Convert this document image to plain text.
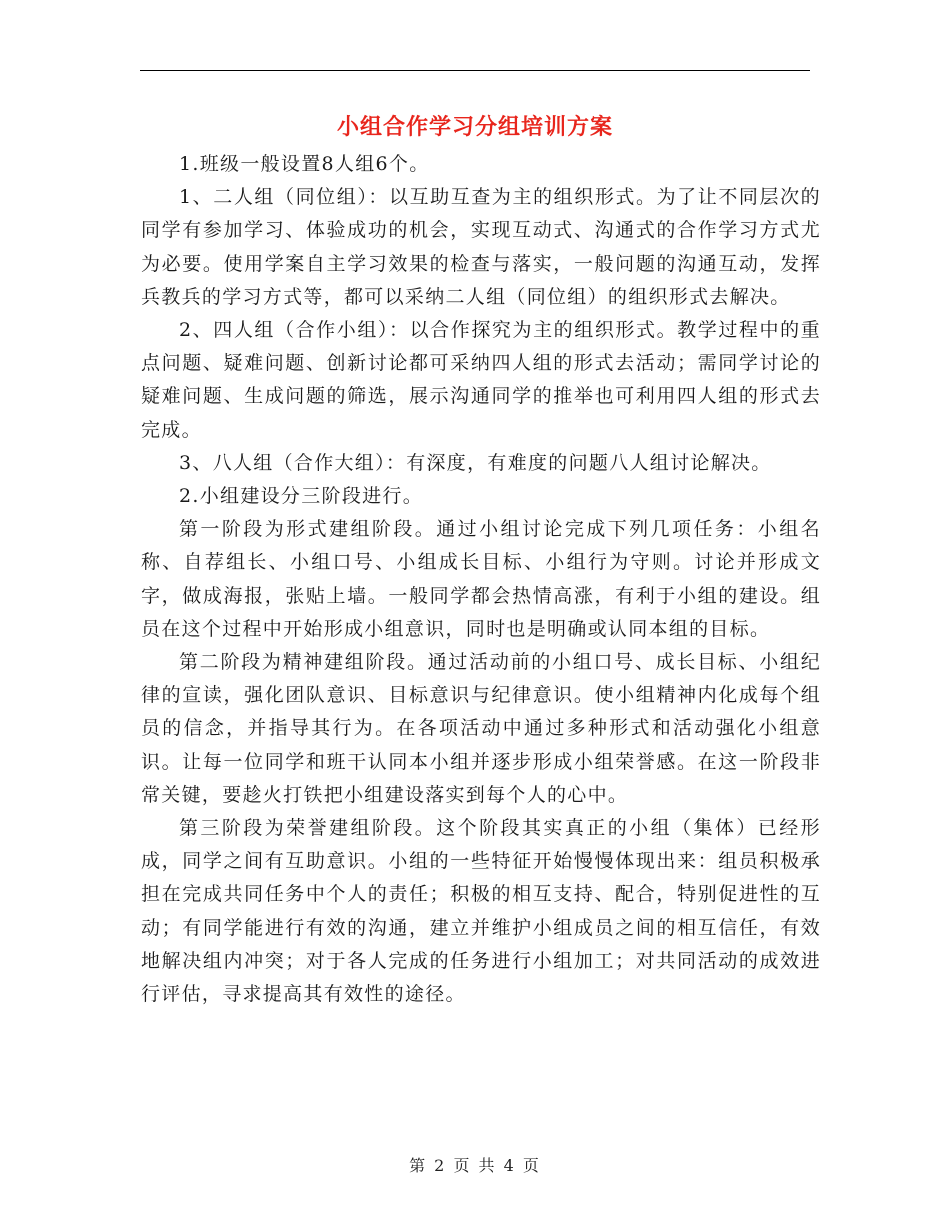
小组合作学习分组培训方案

1.班级一般设置8人组6个。

1、二人组（同位组）：以互助互查为主的组织形式。为了让不同层次的同学有参加学习、体验成功的机会，实现互动式、沟通式的合作学习方式尤为必要。使用学案自主学习效果的检查与落实，一般问题的沟通互动，发挥兵教兵的学习方式等，都可以采纳二人组（同位组）的组织形式去解决。

2、四人组（合作小组）：以合作探究为主的组织形式。教学过程中的重点问题、疑难问题、创新讨论都可采纳四人组的形式去活动；需同学讨论的疑难问题、生成问题的筛选，展示沟通同学的推举也可利用四人组的形式去完成。

3、八人组（合作大组）：有深度，有难度的问题八人组讨论解决。

2.小组建设分三阶段进行。

第一阶段为形式建组阶段。通过小组讨论完成下列几项任务：小组名称、自荐组长、小组口号、小组成长目标、小组行为守则。讨论并形成文字，做成海报，张贴上墙。一般同学都会热情高涨，有利于小组的建设。组员在这个过程中开始形成小组意识，同时也是明确或认同本组的目标。

第二阶段为精神建组阶段。通过活动前的小组口号、成长目标、小组纪律的宣读，强化团队意识、目标意识与纪律意识。使小组精神内化成每个组员的信念，并指导其行为。在各项活动中通过多种形式和活动强化小组意识。让每一位同学和班干认同本小组并逐步形成小组荣誉感。在这一阶段非常关键，要趁火打铁把小组建设落实到每个人的心中。

第三阶段为荣誉建组阶段。这个阶段其实真正的小组（集体）已经形成，同学之间有互助意识。小组的一些特征开始慢慢体现出来：组员积极承担在完成共同任务中个人的责任；积极的相互支持、配合，特别促进性的互动；有同学能进行有效的沟通，建立并维护小组成员之间的相互信任，有效地解决组内冲突；对于各人完成的任务进行小组加工；对共同活动的成效进行评估，寻求提高其有效性的途径。

第 2 页 共 4 页
